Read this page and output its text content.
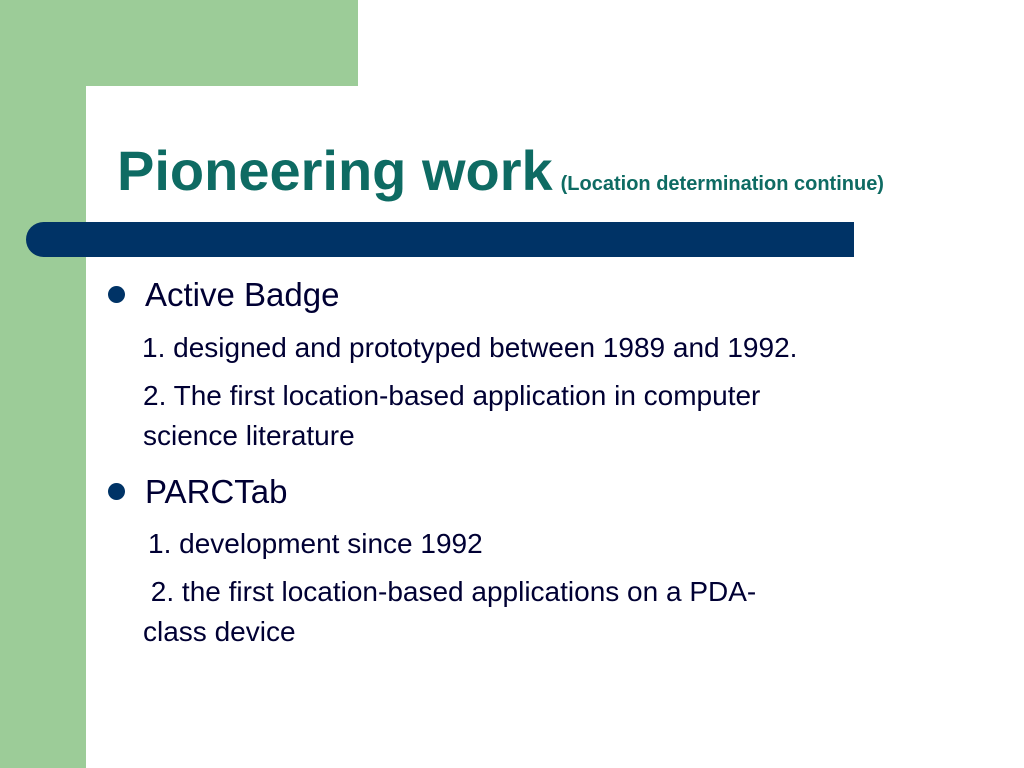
Pioneering work (Location determination continue)
Active Badge
1. designed and prototyped between 1989 and 1992.
2. The first location-based application in computer
science literature
PARCTab
1. development since 1992
2. the first location-based applications on a PDA-
class device
